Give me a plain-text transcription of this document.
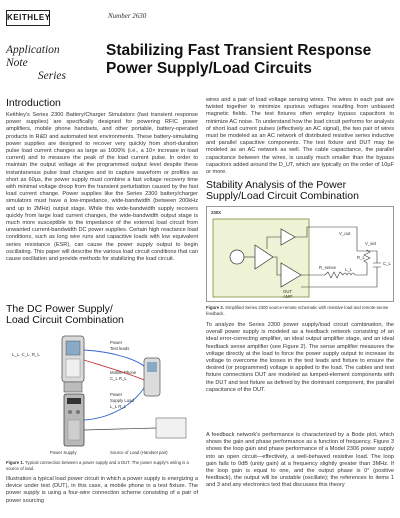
KEITHLEY
Application Note
Series
Number 2630
Stabilizing Fast Transient Response
Power Supply/Load Circuits
Introduction
Keithley's Series 2300 Battery/Charger Simulators (fast transient response power supplies) are specifically designed for powering RFIC power amplifiers, mobile phone handsets, and other portable, battery-operated products in R&D and automated test environments. These battery-simulating power supplies are designed to recover very quickly from short-duration pulse load current changes as large as 1000% (i.e., a 10× increase in load current) and to measure the peak of the load current pulse. In order to maintain the output voltage at the programmed output level despite these instantaneous pulse load changes and to capture waveform or profiles as short as 60µs, the power supply must combine a fast voltage recovery time with minimal voltage droop from the transient perturbation caused by the fast load current change. Power supplies like the Series 2300 battery/charger simulators must have a low-impedance, wide-bandwidth (between 200kHz and up to 2MHz) output stage. While this wide-bandwidth supply recovers quickly from large load current changes, the wide-bandwidth output stage is much more susceptible to the impedance of the external load circuit from unwanted current-bandwidth DC power supplies. Certain high reactance load conditions, such as long wire runs and capacitive loads with low equivalent series resistance (ESR), can cause the power supply output to begin oscillating. This paper will describe the various load circuit conditions that can cause oscillation and provide methods for stabilizing the load circuit.
The DC Power Supply/
Load Circuit Combination
L_L, C_L, R_L
Power
Test leads
Mobile Phone
C_L R_L
Power
Supply Load
L_L R_L
Power Supply	Source of Load (Handset pair)
Figure 1. Typical connection between a power supply and a DUT. The power supply's wiring is a source of load.
Illustration a typical load power circuit in which a power supply is energizing a device under test (DUT), in this case, a mobile phone in a test fixture. The power supply is using a four-wire connection scheme consisting of a pair of power sourcing
wires and a pair of load voltage sensing wires. The wires in each pair are twisted together to minimize spurious voltages resulting from unbiased magnetic fields. The test fixtures often employ bypass capacitors to minimize AC noise. To understand how the load circuit performs for analysis of short load current pulses (effectively an AC signal), the two pair of wires must be modeled as an AC network of distributed resistive series inductive and parallel capacitive components. The test fixture and DUT may be modeled as an AC network as well. The cable capacitance, the parallel capacitance between the wires, is usually much smaller than the bypass capacitors added around the D_UT, which are typically on the order of 10µF or more.
Stability Analysis of the Power
Supply/Load Circuit Combination
230X
V_out
V_set
R_sense L_L
R_L
C_L
OUT
AMP
Figure 2. Simplified Series 2300 source-remote schematic with resistive load and remote-sense feedback.
To analyze the Series 2300 power supply/load circuit combination, the overall power supply is modeled as a feedback network consisting of an ideal error-correcting amplifier, an ideal output amplifier stage, and an ideal feedback sense amplifier (see Figure 2). The sense amplifier measures the voltage directly at the load to force the power supply output to increase its voltage to overcome the losses in the test leads and fixture to ensure the desired (or programmed) voltage is applied to the load. The cables and test fixture connections DUT are modeled as lumped-element components with the DUT and test fixture as defined by the dominant component, the parallel capacitance of the DUT.
A feedback network's performance is characterized by a Bode plot, which shows the gain and phase performance as a function of frequency. Figure 3 shows the loop gain and phase performance of a Model 2306 power supply into an open circuit—effectively, a well-behaved resistive load. The loop gain falls to 0dB (unity gain) at a frequency slightly greater than 3MHz. If the loop gain is equal to one, and the output phase is 0° (positive feedback), the output will be unstable (oscillate); the references to items 1 and 3 and any electronics text that discusses this theory
